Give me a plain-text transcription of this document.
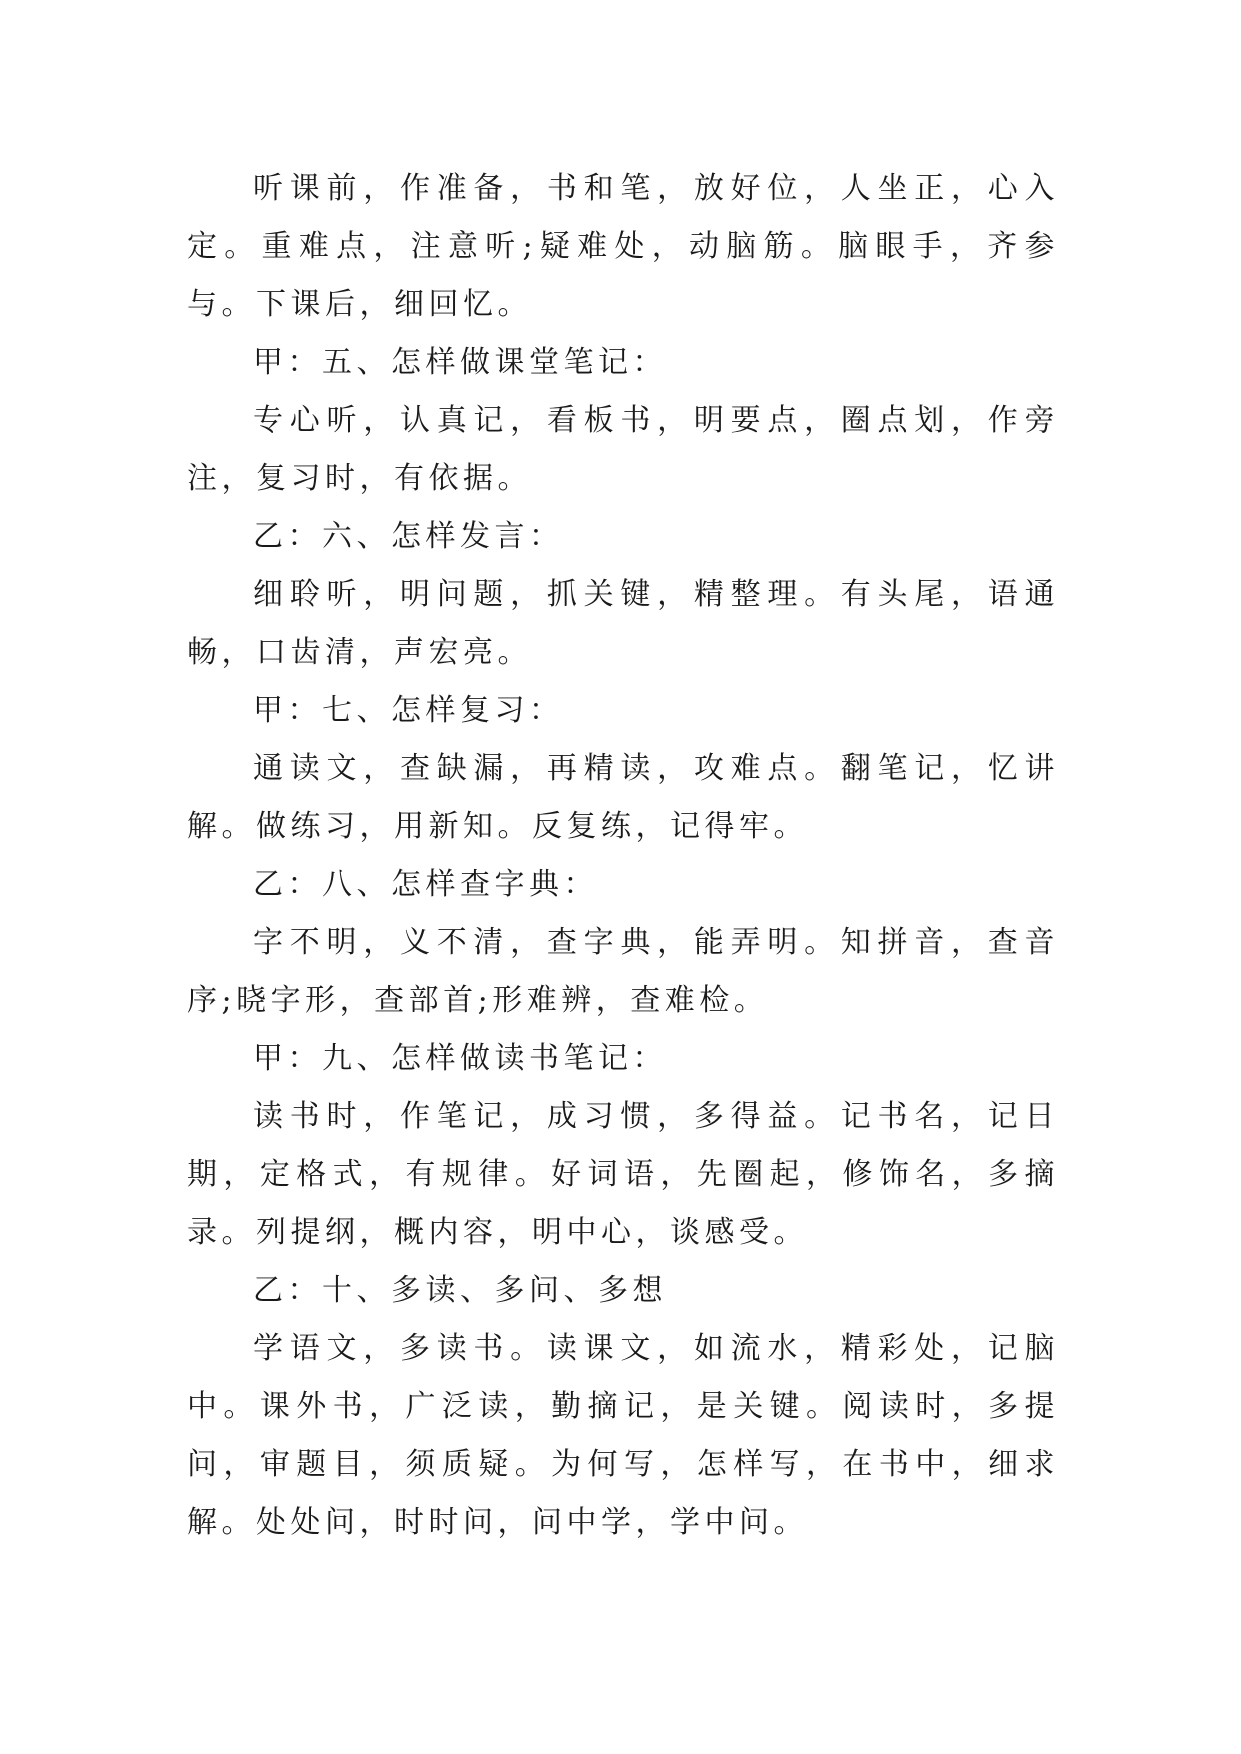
听课前，作准备，书和笔，放好位，人坐正，心入定。重难点，注意听;疑难处，动脑筋。脑眼手，齐参与。下课后，细回忆。

甲：五、怎样做课堂笔记：

专心听，认真记，看板书，明要点，圈点划，作旁注，复习时，有依据。

乙：六、怎样发言：

细聆听，明问题，抓关键，精整理。有头尾，语通畅，口齿清，声宏亮。

甲：七、怎样复习：

通读文，查缺漏，再精读，攻难点。翻笔记，忆讲解。做练习，用新知。反复练，记得牢。

乙：八、怎样查字典：

字不明，义不清，查字典，能弄明。知拼音，查音序;晓字形，查部首;形难辨，查难检。

甲：九、怎样做读书笔记：

读书时，作笔记，成习惯，多得益。记书名，记日期，定格式，有规律。好词语，先圈起，修饰名，多摘录。列提纲，概内容，明中心，谈感受。

乙：十、多读、多问、多想

学语文，多读书。读课文，如流水，精彩处，记脑中。课外书，广泛读，勤摘记，是关键。阅读时，多提问，审题目，须质疑。为何写，怎样写，在书中，细求解。处处问，时时问，问中学，学中问。
